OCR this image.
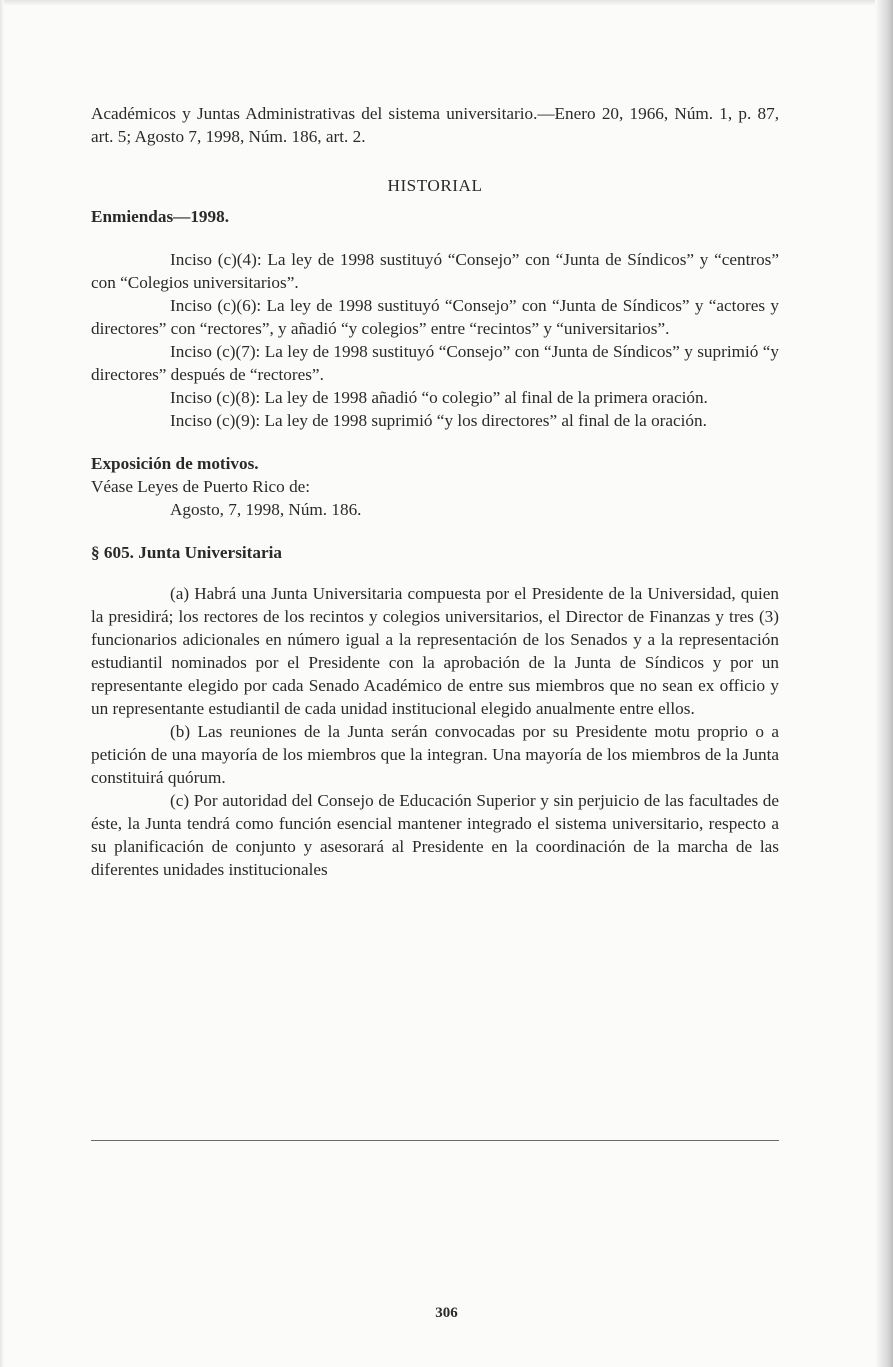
Académicos y Juntas Administrativas del sistema universitario.—Enero 20, 1966, Núm. 1, p. 87, art. 5; Agosto 7, 1998, Núm. 186, art. 2.

HISTORIAL

Enmiendas—1998.

Inciso (c)(4): La ley de 1998 sustituyó “Consejo” con “Junta de Síndicos” y “centros” con “Colegios universitarios”.

Inciso (c)(6): La ley de 1998 sustituyó “Consejo” con “Junta de Síndicos” y “actores y directores” con “rectores”, y añadió “y colegios” entre “recintos” y “universitarios”.

Inciso (c)(7): La ley de 1998 sustituyó “Consejo” con “Junta de Síndicos” y suprimió “y directores” después de “rectores”.

Inciso (c)(8): La ley de 1998 añadió “o colegio” al final de la primera oración.

Inciso (c)(9): La ley de 1998 suprimió “y los directores” al final de la oración.

Exposición de motivos.

Véase Leyes de Puerto Rico de:

Agosto, 7, 1998, Núm. 186.

§ 605. Junta Universitaria

(a) Habrá una Junta Universitaria compuesta por el Presidente de la Universidad, quien la presidirá; los rectores de los recintos y colegios universitarios, el Director de Finanzas y tres (3) funcionarios adicionales en número igual a la representación de los Senados y a la representación estudiantil nominados por el Presidente con la aprobación de la Junta de Síndicos y por un representante elegido por cada Senado Académico de entre sus miembros que no sean ex officio y un representante estudiantil de cada unidad institucional elegido anualmente entre ellos.

(b) Las reuniones de la Junta serán convocadas por su Presidente motu proprio o a petición de una mayoría de los miembros que la integran. Una mayoría de los miembros de la Junta constituirá quórum.

(c) Por autoridad del Consejo de Educación Superior y sin perjuicio de las facultades de éste, la Junta tendrá como función esencial mantener integrado el sistema universitario, respecto a su planificación de conjunto y asesorará al Presidente en la coordinación de la marcha de las diferentes unidades institucionales

306
